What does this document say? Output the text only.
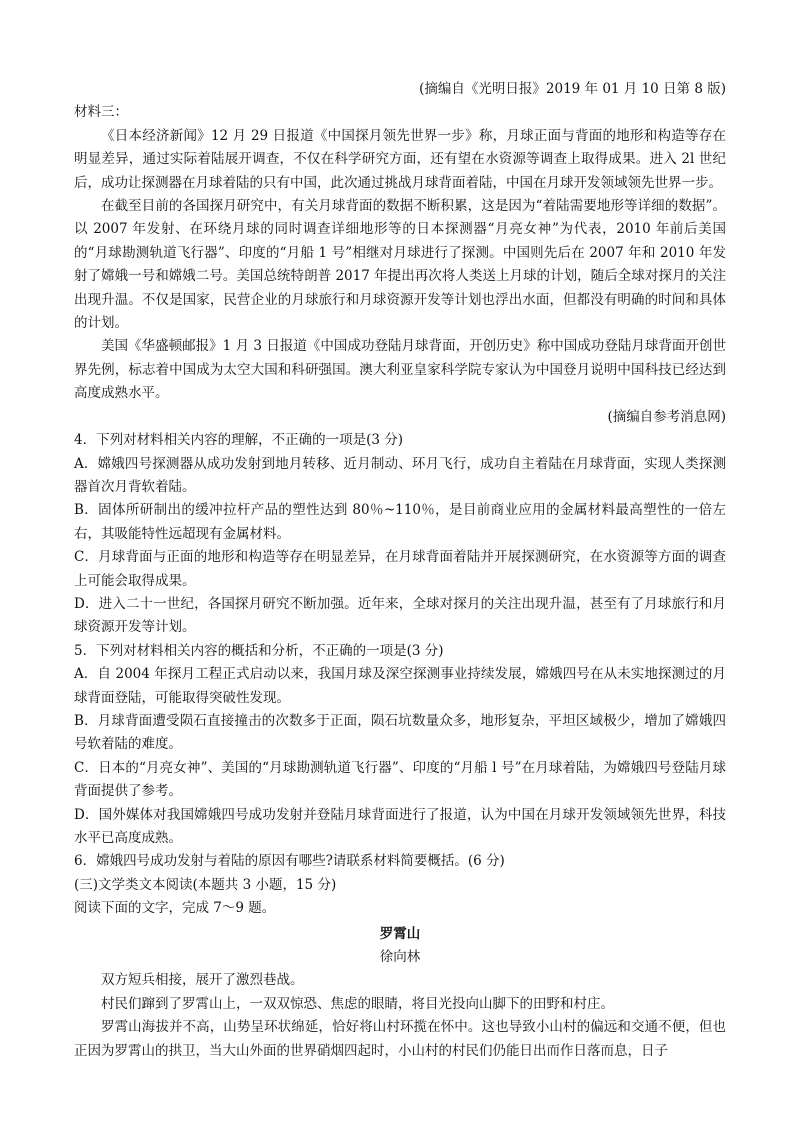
(摘编自《光明日报》2019 年 01 月 10 日第 8 版)
材料三：
《日本经济新闻》12 月 29 日报道《中国探月领先世界一步》称，月球正面与背面的地形和构造等存在明显差异，通过实际着陆展开调查，不仅在科学研究方面，还有望在水资源等调查上取得成果。进入 2l 世纪后，成功让探测器在月球着陆的只有中国，此次通过挑战月球背面着陆，中国在月球开发领域领先世界一步。
在截至目前的各国探月研究中，有关月球背面的数据不断积累，这是因为“着陆需要地形等详细的数据”。以 2007 年发射、在环绕月球的同时调查详细地形等的日本探测器“月亮女神”为代表，2010 年前后美国的“月球勘测轨道飞行器”、印度的“月船 1 号”相继对月球进行了探测。中国则先后在 2007 年和 2010 年发射了嫦娥一号和嫦娥二号。美国总统特朗普 2017 年提出再次将人类送上月球的计划，随后全球对探月的关注出现升温。不仅是国家，民营企业的月球旅行和月球资源开发等计划也浮出水面，但都没有明确的时间和具体的计划。
美国《华盛顿邮报》1 月 3 日报道《中国成功登陆月球背面，开创历史》称中国成功登陆月球背面开创世界先例，标志着中国成为太空大国和科研强国。澳大利亚皇家科学院专家认为中国登月说明中国科技已经达到高度成熟水平。
(摘编自参考消息网)
4．下列对材料相关内容的理解，不正确的一项是(3 分)
A．嫦娥四号探测器从成功发射到地月转移、近月制动、环月飞行，成功自主着陆在月球背面，实现人类探测器首次月背软着陆。
B．固体所研制出的缓冲拉杆产品的塑性达到 80％~110％，是目前商业应用的金属材料最高塑性的一倍左右，其吸能特性远超现有金属材料。
C．月球背面与正面的地形和构造等存在明显差异，在月球背面着陆并开展探测研究，在水资源等方面的调查上可能会取得成果。
D．进入二十一世纪，各国探月研究不断加强。近年来，全球对探月的关注出现升温，甚至有了月球旅行和月球资源开发等计划。
5．下列对材料相关内容的概括和分析，不正确的一项是(3 分)
A．自 2004 年探月工程正式启动以来，我国月球及深空探测事业持续发展，嫦娥四号在从未实地探测过的月球背面登陆，可能取得突破性发现。
B．月球背面遭受陨石直接撞击的次数多于正面，陨石坑数量众多，地形复杂，平坦区域极少，增加了嫦娥四号软着陆的难度。
C．日本的“月亮女神”、美国的“月球勘测轨道飞行器”、印度的“月船 l 号”在月球着陆，为嫦娥四号登陆月球背面提供了参考。
D．国外媒体对我国嫦娥四号成功发射并登陆月球背面进行了报道，认为中国在月球开发领域领先世界，科技水平已高度成熟。
6．嫦娥四号成功发射与着陆的原因有哪些?请联系材料简要概括。(6 分)
(三)文学类文本阅读(本题共 3 小题，15 分)
阅读下面的文字，完成 7～9 题。
罗霄山
徐向林
双方短兵相接，展开了激烈巷战。
村民们蹿到了罗霄山上，一双双惊恐、焦虑的眼睛，将目光投向山脚下的田野和村庄。
罗霄山海拔并不高，山势呈环状绵延，恰好将山村环揽在怀中。这也导致小山村的偏远和交通不便，但也正因为罗霄山的拱卫，当大山外面的世界硝烟四起时，小山村的村民们仍能日出而作日落而息，日子
